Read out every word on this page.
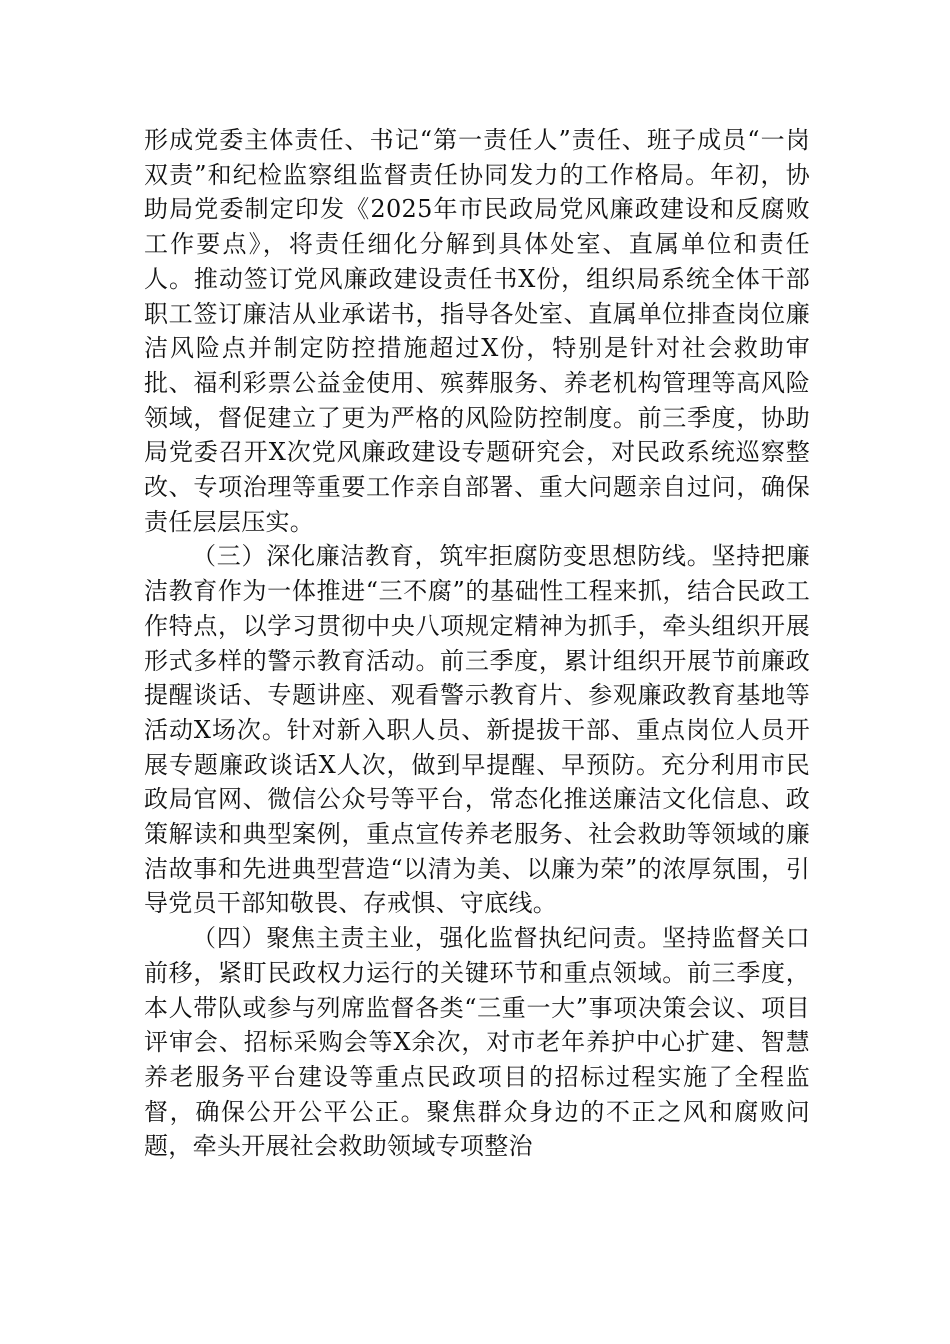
形成党委主体责任、书记“第一责任人”责任、班子成员“一岗双责”和纪检监察组监督责任协同发力的工作格局。年初，协助局党委制定印发《2025年市民政局党风廉政建设和反腐败工作要点》，将责任细化分解到具体处室、直属单位和责任人。推动签订党风廉政建设责任书X份，组织局系统全体干部职工签订廉洁从业承诺书，指导各处室、直属单位排查岗位廉洁风险点并制定防控措施超过X份，特别是针对社会救助审批、福利彩票公益金使用、殡葬服务、养老机构管理等高风险领域，督促建立了更为严格的风险防控制度。前三季度，协助局党委召开X次党风廉政建设专题研究会，对民政系统巡察整改、专项治理等重要工作亲自部署、重大问题亲自过问，确保责任层层压实。

（三）深化廉洁教育，筑牢拒腐防变思想防线。坚持把廉洁教育作为一体推进“三不腐”的基础性工程来抓，结合民政工作特点，以学习贯彻中央八项规定精神为抓手，牵头组织开展形式多样的警示教育活动。前三季度，累计组织开展节前廉政提醒谈话、专题讲座、观看警示教育片、参观廉政教育基地等活动X场次。针对新入职人员、新提拔干部、重点岗位人员开展专题廉政谈话X人次，做到早提醒、早预防。充分利用市民政局官网、微信公众号等平台，常态化推送廉洁文化信息、政策解读和典型案例，重点宣传养老服务、社会救助等领域的廉洁故事和先进典型营造“以清为美、以廉为荣”的浓厚氛围，引导党员干部知敬畏、存戒惧、守底线。

（四）聚焦主责主业，强化监督执纪问责。坚持监督关口前移，紧盯民政权力运行的关键环节和重点领域。前三季度，本人带队或参与列席监督各类“三重一大”事项决策会议、项目评审会、招标采购会等X余次，对市老年养护中心扩建、智慧养老服务平台建设等重点民政项目的招标过程实施了全程监督，确保公开公平公正。聚焦群众身边的不正之风和腐败问题，牵头开展社会救助领域专项整治
